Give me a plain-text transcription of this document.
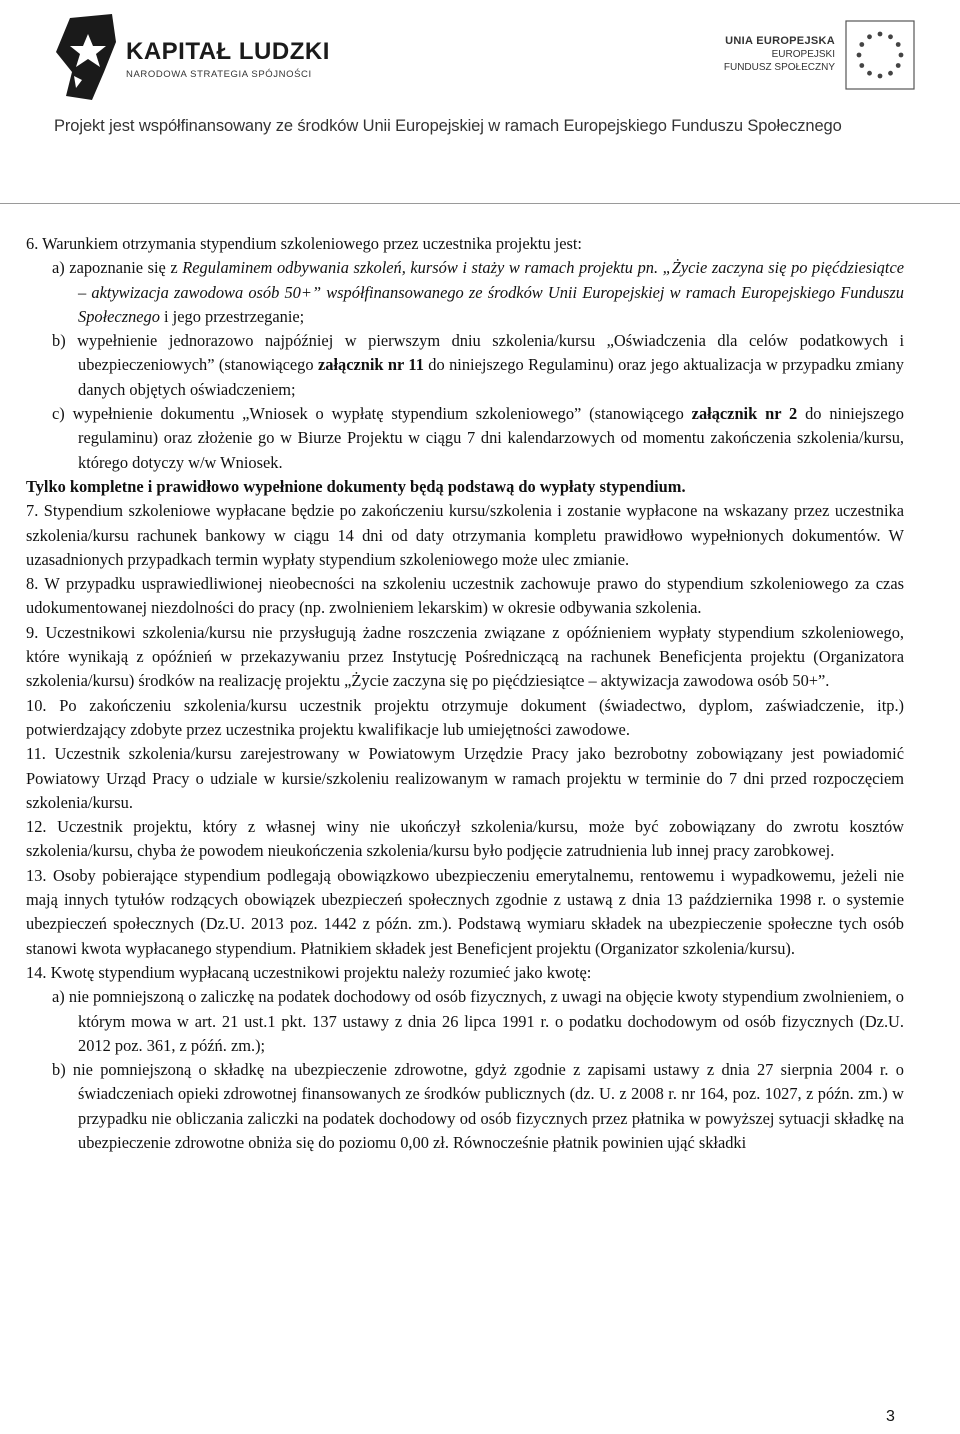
KAPITAŁ LUDZKI
NARODOWA STRATEGIA SPÓJNOŚCI
UNIA EUROPEJSKA
EUROPEJSKI
FUNDUSZ SPOŁECZNY
Projekt jest współfinansowany ze środków Unii Europejskiej w ramach Europejskiego Funduszu Społecznego

6. Warunkiem otrzymania stypendium szkoleniowego przez uczestnika projektu jest:

a) zapoznanie się z Regulaminem odbywania szkoleń, kursów i staży w ramach projektu pn. „Życie zaczyna się po pięćdziesiątce – aktywizacja zawodowa osób 50+” współfinansowanego ze środków Unii Europejskiej w ramach Europejskiego Funduszu Społecznego i jego przestrzeganie;

b) wypełnienie jednorazowo najpóźniej w pierwszym dniu szkolenia/kursu „Oświadczenia dla celów podatkowych i ubezpieczeniowych” (stanowiącego załącznik nr 11 do niniejszego Regulaminu) oraz jego aktualizacja w przypadku zmiany danych objętych oświadczeniem;

c) wypełnienie dokumentu „Wniosek o wypłatę stypendium szkoleniowego” (stanowiącego załącznik nr 2 do niniejszego regulaminu) oraz złożenie go w Biurze Projektu w ciągu 7 dni kalendarzowych od momentu zakończenia szkolenia/kursu, którego dotyczy w/w Wniosek.

Tylko kompletne i prawidłowo wypełnione dokumenty będą podstawą do wypłaty stypendium.

7. Stypendium szkoleniowe wypłacane będzie po zakończeniu kursu/szkolenia i zostanie wypłacone na wskazany przez uczestnika szkolenia/kursu rachunek bankowy w ciągu 14 dni od daty otrzymania kompletu prawidłowo wypełnionych dokumentów. W uzasadnionych przypadkach termin wypłaty stypendium szkoleniowego może ulec zmianie.

8. W przypadku usprawiedliwionej nieobecności na szkoleniu uczestnik zachowuje prawo do stypendium szkoleniowego za czas udokumentowanej niezdolności do pracy (np. zwolnieniem lekarskim) w okresie odbywania szkolenia.

9. Uczestnikowi szkolenia/kursu nie przysługują żadne roszczenia związane z opóźnieniem wypłaty stypendium szkoleniowego, które wynikają z opóźnień w przekazywaniu przez Instytucję Pośredniczącą na rachunek Beneficjenta projektu (Organizatora szkolenia/kursu) środków na realizację projektu „Życie zaczyna się po pięćdziesiątce – aktywizacja zawodowa osób 50+”.

10. Po zakończeniu szkolenia/kursu uczestnik projektu otrzymuje dokument (świadectwo, dyplom, zaświadczenie, itp.) potwierdzający zdobyte przez uczestnika projektu kwalifikacje lub umiejętności zawodowe.

11. Uczestnik szkolenia/kursu zarejestrowany w Powiatowym Urzędzie Pracy jako bezrobotny zobowiązany jest powiadomić Powiatowy Urząd Pracy o udziale w kursie/szkoleniu realizowanym w ramach projektu w terminie do 7 dni przed rozpoczęciem szkolenia/kursu.

12. Uczestnik projektu, który z własnej winy nie ukończył szkolenia/kursu, może być zobowiązany do zwrotu kosztów szkolenia/kursu, chyba że powodem nieukończenia szkolenia/kursu było podjęcie zatrudnienia lub innej pracy zarobkowej.

13. Osoby pobierające stypendium podlegają obowiązkowo ubezpieczeniu emerytalnemu, rentowemu i wypadkowemu, jeżeli nie mają innych tytułów rodzących obowiązek ubezpieczeń społecznych zgodnie z ustawą z dnia 13 października 1998 r. o systemie ubezpieczeń społecznych (Dz.U. 2013 poz. 1442 z późn. zm.). Podstawą wymiaru składek na ubezpieczenie społeczne tych osób stanowi kwota wypłacanego stypendium. Płatnikiem składek jest Beneficjent projektu (Organizator szkolenia/kursu).

14. Kwotę stypendium wypłacaną uczestnikowi projektu należy rozumieć jako kwotę:

a) nie pomniejszoną o zaliczkę na podatek dochodowy od osób fizycznych, z uwagi na objęcie kwoty stypendium zwolnieniem, o którym mowa w art. 21 ust.1 pkt. 137 ustawy z dnia 26 lipca 1991 r. o podatku dochodowym od osób fizycznych (Dz.U. 2012 poz. 361, z późń. zm.);

b) nie pomniejszoną o składkę na ubezpieczenie zdrowotne, gdyż zgodnie z zapisami ustawy z dnia 27 sierpnia 2004 r. o świadczeniach opieki zdrowotnej finansowanych ze środków publicznych (dz. U. z 2008 r. nr 164, poz. 1027, z późn. zm.) w przypadku nie obliczania zaliczki na podatek dochodowy od osób fizycznych przez płatnika w powyższej sytuacji składkę na ubezpieczenie zdrowotne obniża się do poziomu 0,00 zł. Równocześnie płatnik powinien ująć składki

3
